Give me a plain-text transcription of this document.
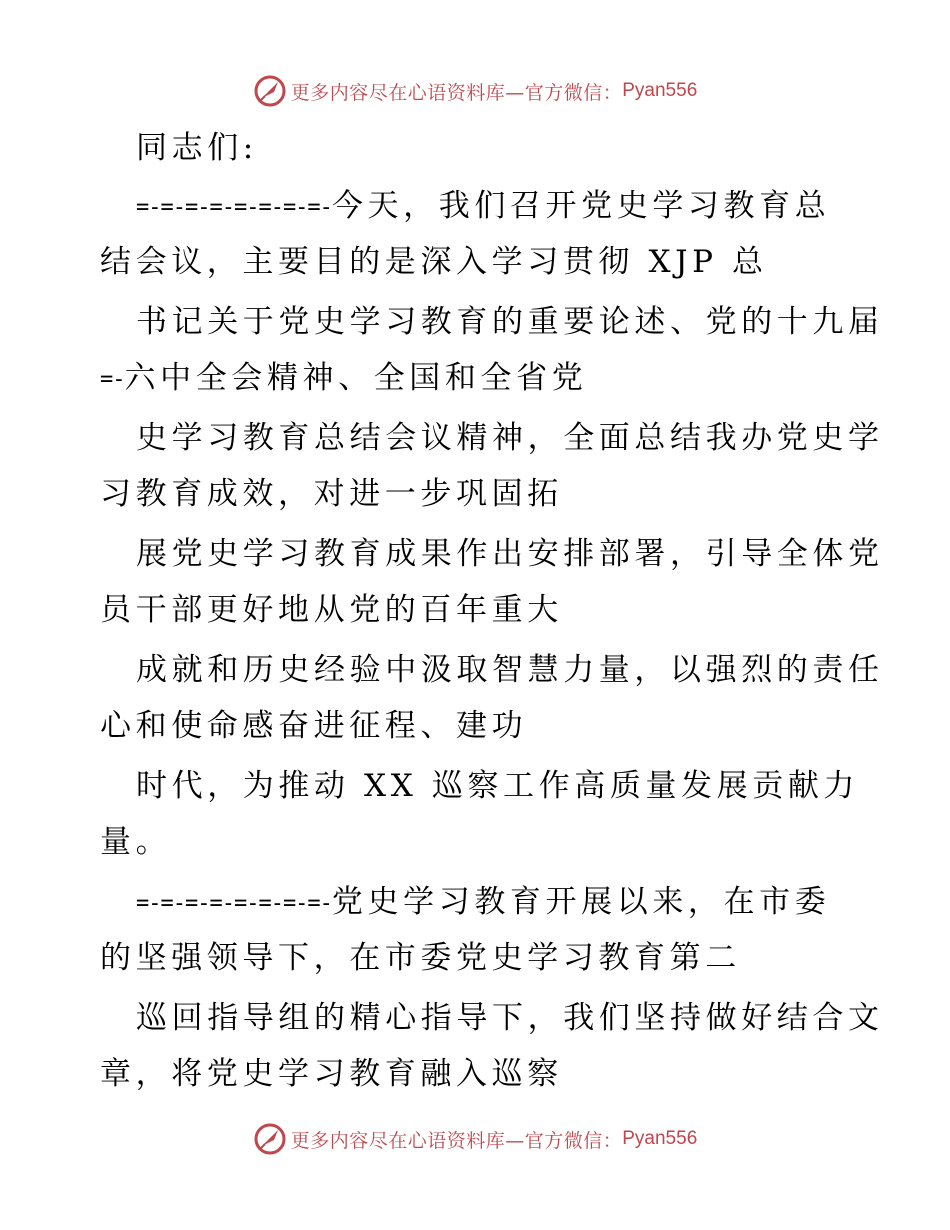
更多内容尽在心语资料库—官方微信： Pyan556
同志们:
=-=-=-=-=-=-=-=-今天，我们召开党史学习教育总
结会议，主要目的是深入学习贯彻 XJP 总
书记关于党史学习教育的重要论述、党的十九届
=-六中全会精神、全国和全省党
史学习教育总结会议精神，全面总结我办党史学
习教育成效，对进一步巩固拓
展党史学习教育成果作出安排部署，引导全体党
员干部更好地从党的百年重大
成就和历史经验中汲取智慧力量，以强烈的责任
心和使命感奋进征程、建功
时代，为推动 XX 巡察工作高质量发展贡献力
量。
=-=-=-=-=-=-=-=-党史学习教育开展以来，在市委
的坚强领导下，在市委党史学习教育第二
巡回指导组的精心指导下，我们坚持做好结合文
章，将党史学习教育融入巡察
更多内容尽在心语资料库—官方微信： Pyan556
